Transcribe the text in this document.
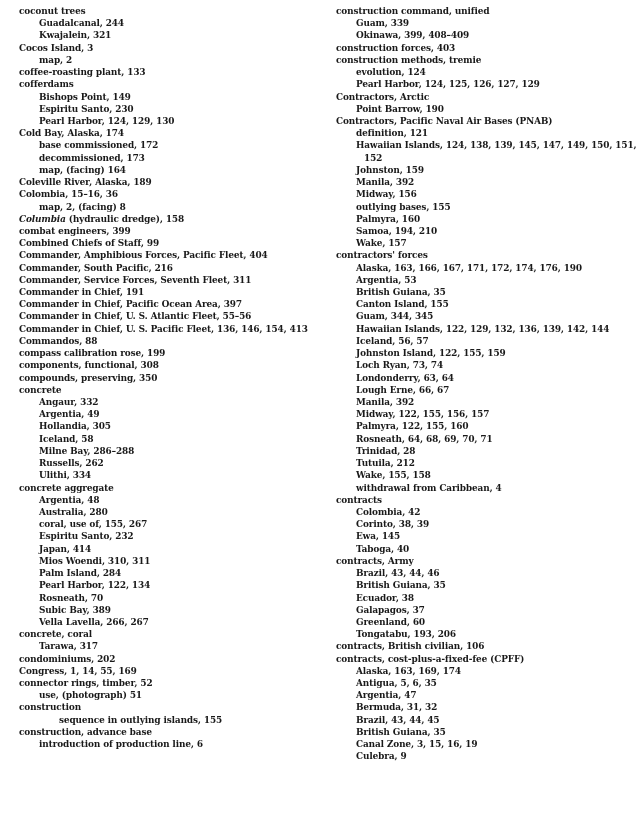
coconut trees
Guadalcanal, 244
Kwajalein, 321
Cocos Island, 3
map, 2
coffee-roasting plant, 133
cofferdams
Bishops Point, 149
Espiritu Santo, 230
Pearl Harbor, 124, 129, 130
Cold Bay, Alaska, 174
base commissioned, 172
decommissioned, 173
map, (facing) 164
Coleville River, Alaska, 189
Colombia, 15–16, 36
map, 2, (facing) 8
Columbia (hydraulic dredge), 158
combat engineers, 399
Combined Chiefs of Staff, 99
Commander, Amphibious Forces, Pacific Fleet, 404
Commander, South Pacific, 216
Commander, Service Forces, Seventh Fleet, 311
Commander in Chief, 191
Commander in Chief, Pacific Ocean Area, 397
Commander in Chief, U. S. Atlantic Fleet, 55–56
Commander in Chief, U. S. Pacific Fleet, 136, 146, 154, 413
Commandos, 88
compass calibration rose, 199
components, functional, 308
compounds, preserving, 350
concrete
Angaur, 332
Argentia, 49
Hollandia, 305
Iceland, 58
Milne Bay, 286–288
Russells, 262
Ulithi, 334
concrete aggregate
Argentia, 48
Australia, 280
coral, use of, 155, 267
Espiritu Santo, 232
Japan, 414
Mios Woendi, 310, 311
Palm Island, 284
Pearl Harbor, 122, 134
Rosneath, 70
Subic Bay, 389
Vella Lavella, 266, 267
concrete, coral
Tarawa, 317
condominiums, 202
Congress, 1, 14, 55, 169
connector rings, timber, 52
use, (photograph) 51
construction
sequence in outlying islands, 155
construction, advance base
introduction of production line, 6
construction command, unified
Guam, 339
Okinawa, 399, 408–409
construction forces, 403
construction methods, tremie
evolution, 124
Pearl Harbor, 124, 125, 126, 127, 129
Contractors, Arctic
Point Barrow, 190
Contractors, Pacific Naval Air Bases (PNAB)
definition, 121
Hawaiian Islands, 124, 138, 139, 145, 147, 149, 150, 151,
152
Johnston, 159
Manila, 392
Midway, 156
outlying bases, 155
Palmyra, 160
Samoa, 194, 210
Wake, 157
contractors' forces
Alaska, 163, 166, 167, 171, 172, 174, 176, 190
Argentia, 53
British Guiana, 35
Canton Island, 155
Guam, 344, 345
Hawaiian Islands, 122, 129, 132, 136, 139, 142, 144
Iceland, 56, 57
Johnston Island, 122, 155, 159
Loch Ryan, 73, 74
Londonderry, 63, 64
Lough Erne, 66, 67
Manila, 392
Midway, 122, 155, 156, 157
Palmyra, 122, 155, 160
Rosneath, 64, 68, 69, 70, 71
Trinidad, 28
Tutuila, 212
Wake, 155, 158
withdrawal from Caribbean, 4
contracts
Colombia, 42
Corinto, 38, 39
Ewa, 145
Taboga, 40
contracts, Army
Brazil, 43, 44, 46
British Guiana, 35
Ecuador, 38
Galapagos, 37
Greenland, 60
Tongatabu, 193, 206
contracts, British civilian, 106
contracts, cost-plus-a-fixed-fee (CPFF)
Alaska, 163, 169, 174
Antigua, 5, 6, 35
Argentia, 47
Bermuda, 31, 32
Brazil, 43, 44, 45
British Guiana, 35
Canal Zone, 3, 15, 16, 19
Culebra, 9
